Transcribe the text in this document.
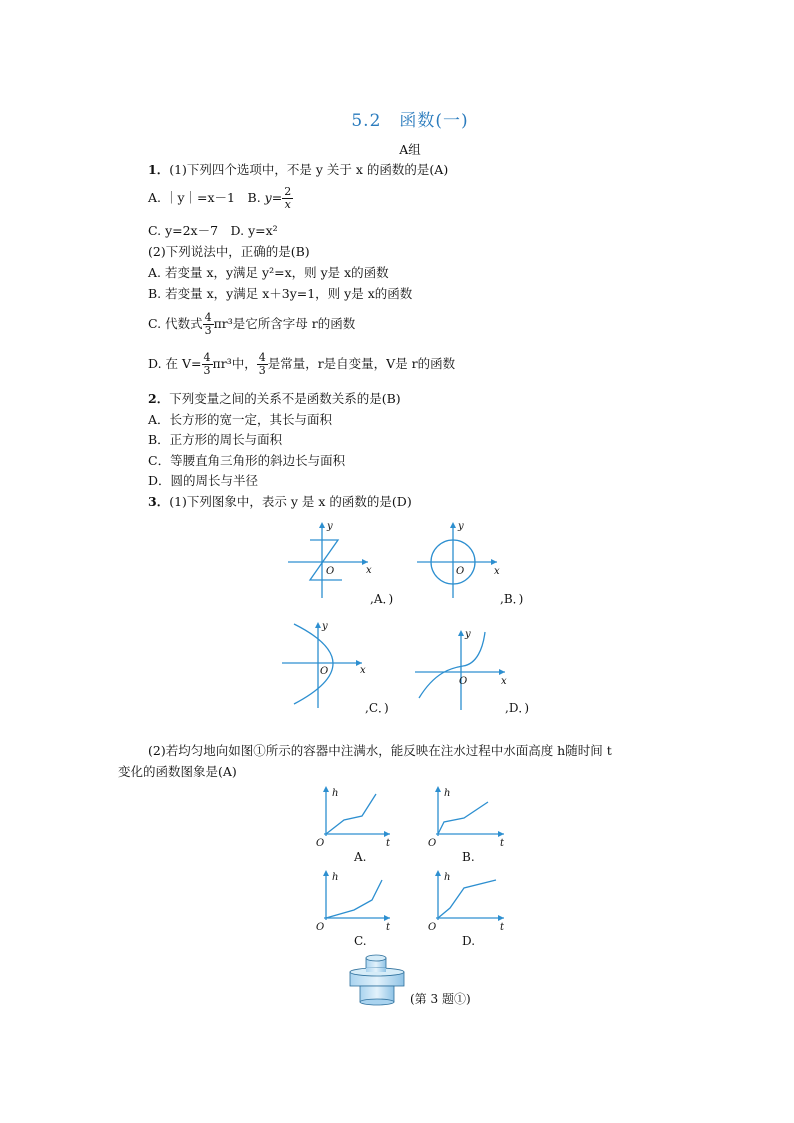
5.2　函数(一)
A组
1．(1)下列四个选项中，不是 y 关于 x 的函数的是(A)
A. ｜y｜=x－1　B. $y= \frac{2}{x}$
C. y=2x－7　D. y=x²
(2)下列说法中，正确的是(B)
A. 若变量 x，y满足 y²=x，则 y是 x的函数
B. 若变量 x，y满足 x＋3y=1，则 y是 x的函数
C. 代数式 $\frac{4}{3} \pi r^3$是它所含字母 r的函数
D. 在 $V= \frac{4}{3} \pi r^3$中， $\frac{4}{3}$ 是常量，r是自变量，V是 r的函数
2．下列变量之间的关系不是函数关系的是(B)
A．长方形的宽一定，其长与面积
B．正方形的周长与面积
C．等腰直角三角形的斜边长与面积
D．圆的周长与半径
3．(1)下列图象中，表示 y 是 x 的函数的是(D)
y
x
O
,A．)
y
x
O
,B．)
y
x
O
,C．)
y
x
O
,D．)
(2)若均匀地向如图①所示的容器中注满水，能反映在注水过程中水面高度 h随时间 t
变化的函数图象是(A)
h
t
O
A.
h
t
O
B.
h
t
O
C.
h
t
O
D.
(第 3 题①)
